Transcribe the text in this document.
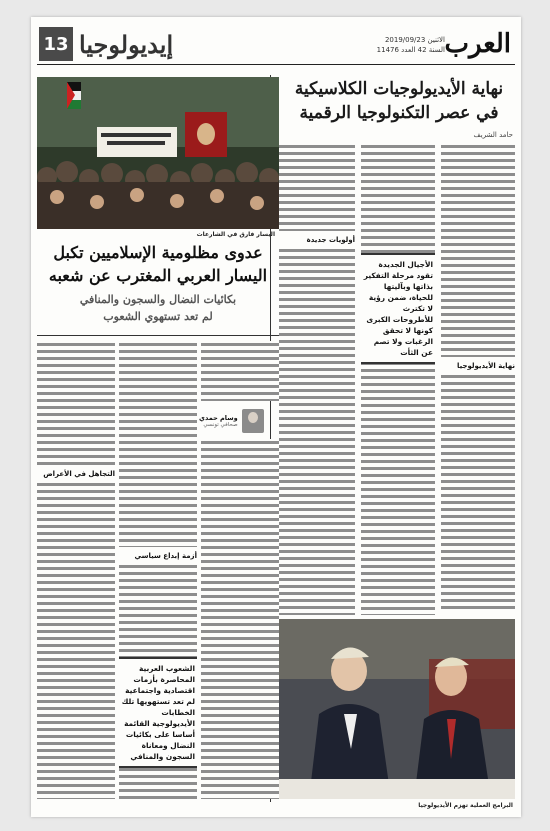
العرب
الاثنين 2019/09/23
السنة 42 العدد 11476
13 إيديولوجيا
نهاية الأيديولوجيات الكلاسيكية
في عصر التكنولوجيا الرقمية
حامد الشريف
نهاية الأيديولوجيا
أولويات جديدة
الأجيال الجديدة تقود مرحلة التفكير بذاتها وبآليتها للحياة، ضمن رؤية لا تكترث للأطروحات الكبرى كونها لا تحقق الرغبات ولا تصم عن الثأت
البرامج العملية تهزم الأيديولوجيا
اليسار فارق في الشارعات
عدوى مظلومية الإسلاميين تكبل
اليسار العربي المغترب عن شعبه
بكائيات النضال والسجون والمنافي
لم تعد تستهوي الشعوب
وسام حمدي
صحافي تونسي
أزمة إبداع سياسي
التجاهل في الأعراض
الشعوب العربية المحاصرة بأزمات اقتصادية واجتماعية لم تعد تستهويها تلك الخطابات الأيديولوجية القائمة أساسا على بكائيات النضال ومعاناة السجون والمنافي
